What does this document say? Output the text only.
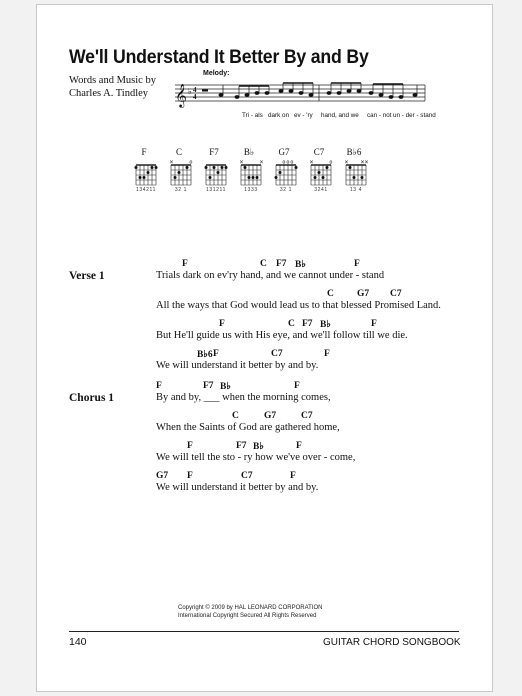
We'll Understand It Better By and By
Words and Music by
Charles A. Tindley
Melody:
𝄞 ♭ 4
4
Tri - als dark on ev - 'ry hand, and we can - not un - der - stand
F
134211
C
×	o
32 1
F7
131211
B♭
×	×
1333
G7
o o o
32 1
C7
×	o
3241
B♭6
× × ×
13 4
Verse 1
F	C F7 B♭	F
Trials dark on ev'ry hand, and we cannot under - stand
C G7 C7
All the ways that God would lead us to that blessed Promised Land.
F	C F7 B♭	F
But He'll guide us with His eye, and we'll follow till we die.
B♭6 F	C7	F
We will understand it better by and by.
Chorus 1
F	F7 B♭	F
By and by, ___ when the morning comes,
C	G7	C7
When the Saints of God are gathered home,
F	F7 B♭	F
We will tell the sto - ry how we've over - come,
G7 F	C7	F
We will understand it better by and by.
Copyright © 2009 by HAL LEONARD CORPORATION
International Copyright Secured All Rights Reserved
140	GUITAR CHORD SONGBOOK
